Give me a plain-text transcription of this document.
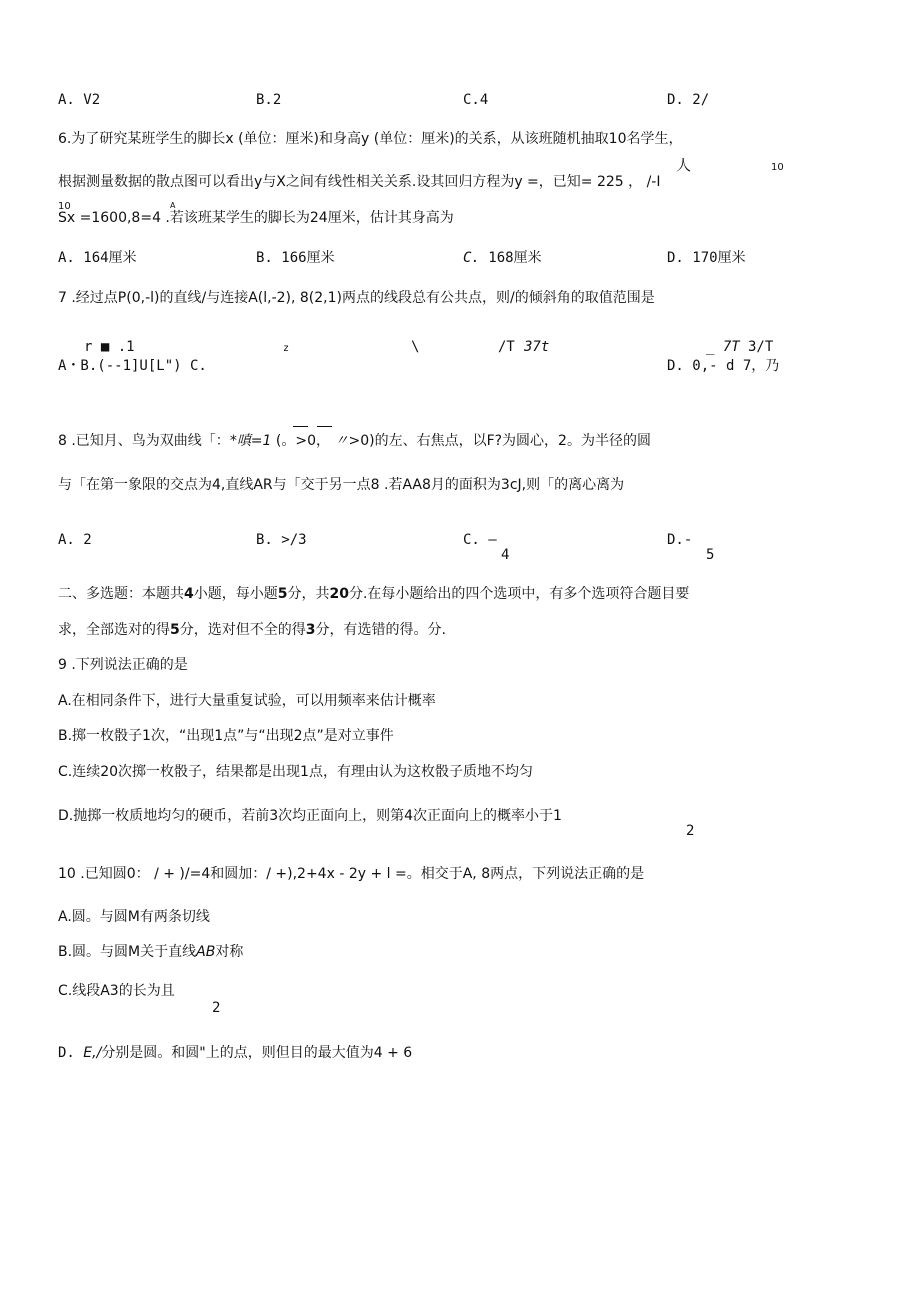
A. V2	B.2	C.4	D. 2/
6.为了研究某班学生的脚长x (单位：厘米)和身高y (单位：厘米)的关系，从该班随机抽取10名学生，
人	10
根据测量数据的散点图可以看出y与X之间有线性相关关系.设其回归方程为y =，已知= 225 ， /-I
10	A
Sx =1600,8=4 .若该班某学生的脚长为24厘米，估计其身高为
A. 164厘米	B. 166厘米	C. 168厘米	D. 170厘米
7 .经过点P(0,-l)的直线/与连接A(l,-2), 8(2,1)两点的线段总有公共点，则/的倾斜角的取值范围是
r ■ .1	z	\	/T 37t	_ 7T 3/T
A・B.(--1]U[L") C.	D. 0,- d 7，乃
8 .已知月、鸟为双曲线「：*嗔=1 (。>0， 〃>0)的左、右焦点，以F?为圆心，2。为半径的圆
与「在第一象限的交点为4,直线AR与「交于另一点8 .若AA8月的面积为3cJ,则「的离心离为
A. 2	B. >/3	C. —
4
D.-
5
二、多选题：本题共4小题，每小题5分，共20分.在每小题给出的四个选项中，有多个选项符合题目要
求，全部选对的得5分，选对但不全的得3分，有选错的得。分.
9 .下列说法正确的是
A.在相同条件下，进行大量重复试验，可以用频率来估计概率
B.掷一枚骰子1次，“出现1点”与“出现2点”是对立事件
C.连续20次掷一枚骰子，结果都是出现1点，有理由认为这枚骰子质地不均匀
D.抛掷一枚质地均匀的硬币，若前3次均正面向上，则第4次正面向上的概率小于1
2
10 .已知圆0： / + )/=4和圆加：/ +),2+4x - 2y + l =。相交于A, 8两点，下列说法正确的是
A.圆。与圆M有两条切线
B.圆。与圆M关于直线AB对称
C.线段A3的长为且
2
D. E,/分别是圆。和圆"上的点，则但目的最大值为4 + 6
